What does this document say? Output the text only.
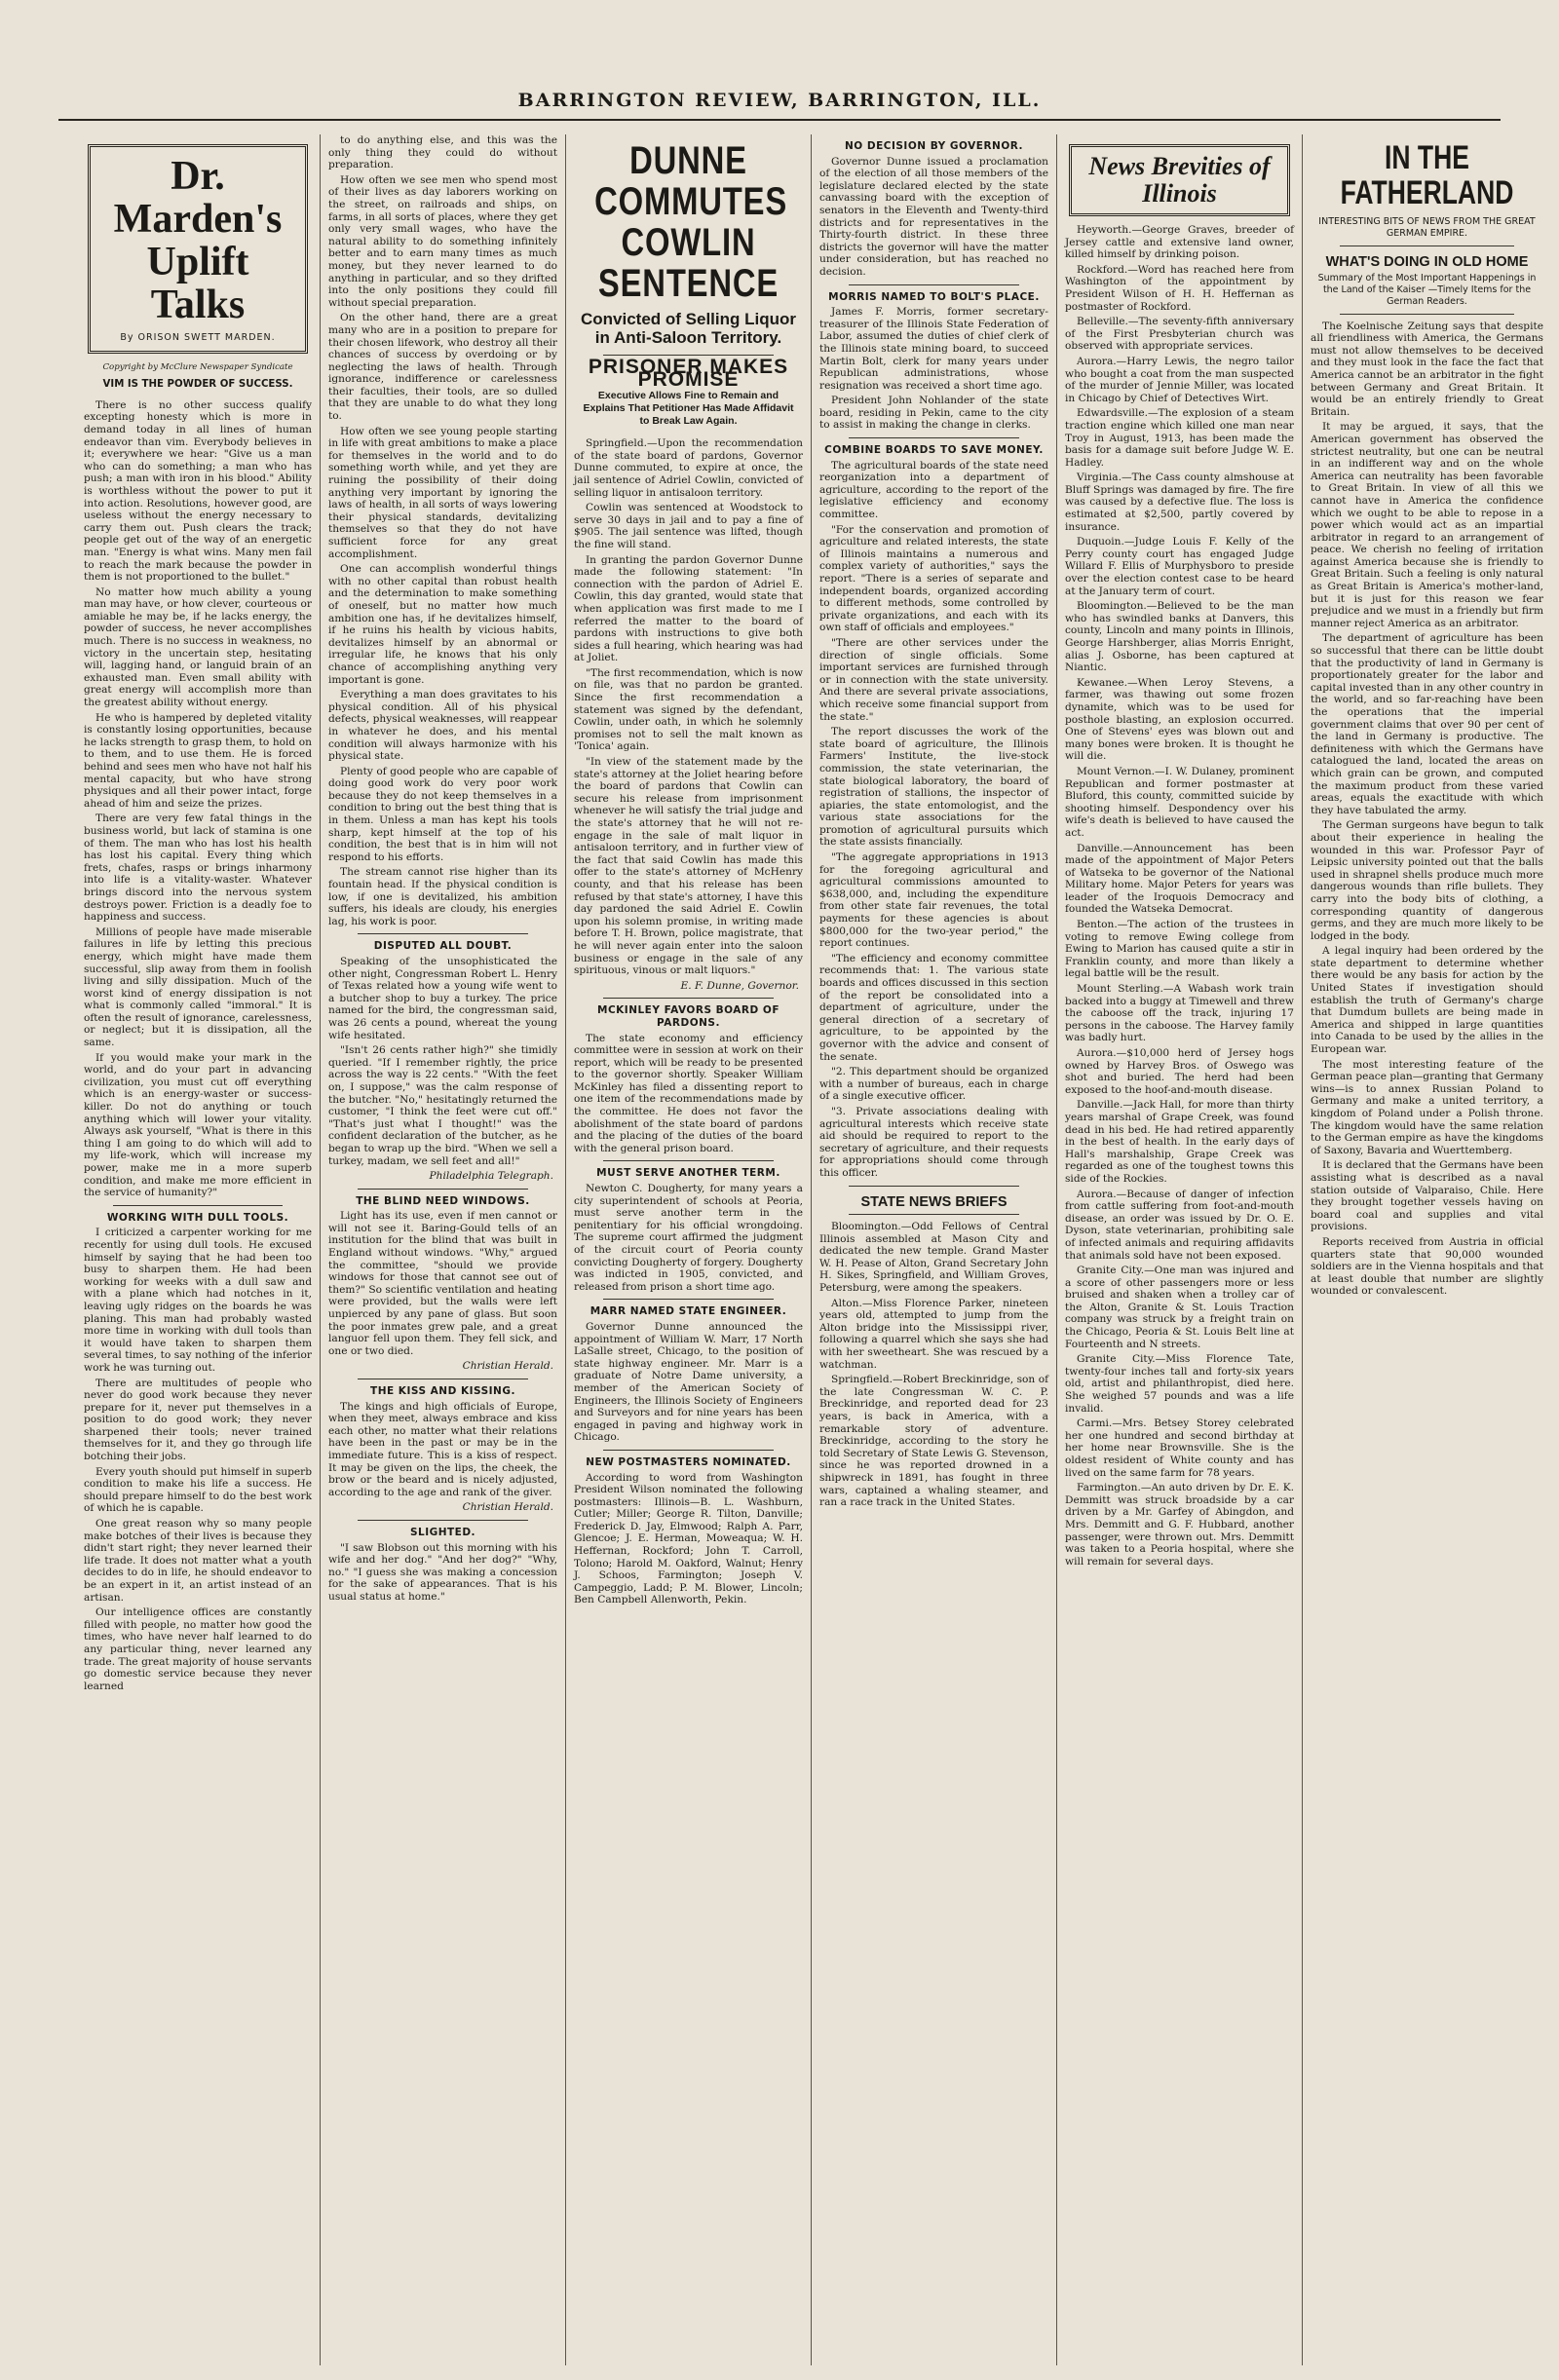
BARRINGTON REVIEW, BARRINGTON, ILL.
Dr. Marden's Uplift Talks
By ORISON SWETT MARDEN.
Copyright by McClure Newspaper Syndicate
VIM IS THE POWDER OF SUCCESS.

There is no other success qualify excepting honesty which is more in demand today in all lines of human endeavor than vim. Everybody believes in it; everywhere we hear: "Give us a man who can do something; a man who has push; a man with iron in his blood." Ability is worthless without the power to put it into action. Resolutions, however good, are useless without the energy necessary to carry them out. Push clears the track; people get out of the way of an energetic man. "Energy is what wins. Many men fail to reach the mark because the powder in them is not proportioned to the bullet."

No matter how much ability a young man may have, or how clever, courteous or amiable he may be, if he lacks energy, the powder of success, he never accomplishes much. There is no success in weakness, no victory in the uncertain step, hesitating will, lagging hand, or languid brain of an exhausted man. Even small ability with great energy will accomplish more than the greatest ability without energy.

He who is hampered by depleted vitality is constantly losing opportunities, because he lacks strength to grasp them, to hold on to them, and to use them. He is forced behind and sees men who have not half his mental capacity, but who have strong physiques and all their power intact, forge ahead of him and seize the prizes.

There are very few fatal things in the business world, but lack of stamina is one of them. The man who has lost his health has lost his capital. Every thing which frets, chafes, rasps or brings inharmony into life is a vitality-waster. Whatever brings discord into the nervous system destroys power. Friction is a deadly foe to happiness and success.

Millions of people have made miserable failures in life by letting this precious energy, which might have made them successful, slip away from them in foolish living and silly dissipation. Much of the worst kind of energy dissipation is not what is commonly called "immoral." It is often the result of ignorance, carelessness, or neglect; but it is dissipation, all the same.

If you would make your mark in the world, and do your part in advancing civilization, you must cut off everything which is an energy-waster or success-killer. Do not do anything or touch anything which will lower your vitality. Always ask yourself, "What is there in this thing I am going to do which will add to my life-work, which will increase my power, make me in a more superb condition, and make me more efficient in the service of humanity?"

WORKING WITH DULL TOOLS.

I criticized a carpenter working for me recently for using dull tools. He excused himself by saying that he had been too busy to sharpen them. He had been working for weeks with a dull saw and with a plane which had notches in it, leaving ugly ridges on the boards he was planing. This man had probably wasted more time in working with dull tools than it would have taken to sharpen them several times, to say nothing of the inferior work he was turning out.

There are multitudes of people who never do good work because they never prepare for it, never put themselves in a position to do good work; they never sharpened their tools; never trained themselves for it, and they go through life botching their jobs.

Every youth should put himself in superb condition to make his life a success. He should prepare himself to do the best work of which he is capable.

One great reason why so many people make botches of their lives is because they didn't start right; they never learned their life trade. It does not matter what a youth decides to do in life, he should endeavor to be an expert in it, an artist instead of an artisan.

Our intelligence offices are constantly filled with people, no matter how good the times, who have never half learned to do any particular thing, never learned any trade. The great majority of house servants go domestic service because they never learned

to do anything else, and this was the only thing they could do without preparation.

How often we see men who spend most of their lives as day laborers working on the street, on railroads and ships, on farms, in all sorts of places, where they get only very small wages, who have the natural ability to do something infinitely better and to earn many times as much money, but they never learned to do anything in particular, and so they drifted into the only positions they could fill without special preparation.

On the other hand, there are a great many who are in a position to prepare for their chosen lifework, who destroy all their chances of success by overdoing or by neglecting the laws of health. Through ignorance, indifference or carelessness their faculties, their tools, are so dulled that they are unable to do what they long to.

How often we see young people starting in life with great ambitions to make a place for themselves in the world and to do something worth while, and yet they are ruining the possibility of their doing anything very important by ignoring the laws of health, in all sorts of ways lowering their physical standards, devitalizing themselves so that they do not have sufficient force for any great accomplishment.

One can accomplish wonderful things with no other capital than robust health and the determination to make something of oneself, but no matter how much ambition one has, if he devitalizes himself, if he ruins his health by vicious habits, devitalizes himself by an abnormal or irregular life, he knows that his only chance of accomplishing anything very important is gone.

Everything a man does gravitates to his physical condition. All of his physical defects, physical weaknesses, will reappear in whatever he does, and his mental condition will always harmonize with his physical state.

Plenty of good people who are capable of doing good work do very poor work because they do not keep themselves in a condition to bring out the best thing that is in them. Unless a man has kept his tools sharp, kept himself at the top of his condition, the best that is in him will not respond to his efforts.

The stream cannot rise higher than its fountain head. If the physical condition is low, if one is devitalized, his ambition suffers, his ideals are cloudy, his energies lag, his work is poor.

DISPUTED ALL DOUBT.

Speaking of the unsophisticated the other night, Congressman Robert L. Henry of Texas related how a young wife went to a butcher shop to buy a turkey. The price named for the bird, the congressman said, was 26 cents a pound, whereat the young wife hesitated.

"Isn't 26 cents rather high?" she timidly queried. "If I remember rightly, the price across the way is 22 cents." "With the feet on, I suppose," was the calm response of the butcher. "No," hesitatingly returned the customer, "I think the feet were cut off." "That's just what I thought!" was the confident declaration of the butcher, as he began to wrap up the bird. "When we sell a turkey, madam, we sell feet and all!"

Philadelphia Telegraph.
THE BLIND NEED WINDOWS.

Light has its use, even if men cannot or will not see it. Baring-Gould tells of an institution for the blind that was built in England without windows. "Why," argued the committee, "should we provide windows for those that cannot see out of them?" So scientific ventilation and heating were provided, but the walls were left unpierced by any pane of glass. But soon the poor inmates grew pale, and a great languor fell upon them. They fell sick, and one or two died.

Christian Herald.
THE KISS AND KISSING.

The kings and high officials of Europe, when they meet, always embrace and kiss each other, no matter what their relations have been in the past or may be in the immediate future. This is a kiss of respect. It may be given on the lips, the cheek, the brow or the beard and is nicely adjusted, according to the age and rank of the giver.

Christian Herald.
SLIGHTED.

"I saw Blobson out this morning with his wife and her dog." "And her dog?" "Why, no." "I guess she was making a concession for the sake of appearances. That is his usual status at home."

DUNNE COMMUTES COWLIN SENTENCE
Convicted of Selling Liquor in Anti-Saloon Territory.
PRISONER MAKES PROMISE
Executive Allows Fine to Remain and Explains That Petitioner Has Made Affidavit to Break Law Again.

Springfield.—Upon the recommendation of the state board of pardons, Governor Dunne commuted, to expire at once, the jail sentence of Adriel Cowlin, convicted of selling liquor in antisaloon territory.

Cowlin was sentenced at Woodstock to serve 30 days in jail and to pay a fine of $905. The jail sentence was lifted, though the fine will stand.

In granting the pardon Governor Dunne made the following statement: "In connection with the pardon of Adriel E. Cowlin, this day granted, would state that when application was first made to me I referred the matter to the board of pardons with instructions to give both sides a full hearing, which hearing was had at Joliet.

"The first recommendation, which is now on file, was that no pardon be granted. Since the first recommendation a statement was signed by the defendant, Cowlin, under oath, in which he solemnly promises not to sell the malt known as 'Tonica' again.

"In view of the statement made by the state's attorney at the Joliet hearing before the board of pardons that Cowlin can secure his release from imprisonment whenever he will satisfy the trial judge and the state's attorney that he will not re-engage in the sale of malt liquor in antisaloon territory, and in further view of the fact that said Cowlin has made this offer to the state's attorney of McHenry county, and that his release has been refused by that state's attorney, I have this day pardoned the said Adriel E. Cowlin upon his solemn promise, in writing made before T. H. Brown, police magistrate, that he will never again enter into the saloon business or engage in the sale of any spirituous, vinous or malt liquors."

E. F. Dunne, Governor.
MCKINLEY FAVORS BOARD OF PARDONS.

The state economy and efficiency committee were in session at work on their report, which will be ready to be presented to the governor shortly. Speaker William McKinley has filed a dissenting report to one item of the recommendations made by the committee. He does not favor the abolishment of the state board of pardons and the placing of the duties of the board with the general prison board.

MUST SERVE ANOTHER TERM.

Newton C. Dougherty, for many years a city superintendent of schools at Peoria, must serve another term in the penitentiary for his official wrongdoing. The supreme court affirmed the judgment of the circuit court of Peoria county convicting Dougherty of forgery. Dougherty was indicted in 1905, convicted, and released from prison a short time ago.

MARR NAMED STATE ENGINEER.

Governor Dunne announced the appointment of William W. Marr, 17 North LaSalle street, Chicago, to the position of state highway engineer. Mr. Marr is a graduate of Notre Dame university, a member of the American Society of Engineers, the Illinois Society of Engineers and Surveyors and for nine years has been engaged in paving and highway work in Chicago.

NEW POSTMASTERS NOMINATED.

According to word from Washington President Wilson nominated the following postmasters: Illinois—B. L. Washburn, Cutler; Miller; George R. Tilton, Danville; Frederick D. Jay, Elmwood; Ralph A. Parr, Glencoe; J. E. Herman, Moweaqua; W. H. Heffernan, Rockford; John T. Carroll, Tolono; Harold M. Oakford, Walnut; Henry J. Schoos, Farmington; Joseph V. Campeggio, Ladd; P. M. Blower, Lincoln; Ben Campbell Allenworth, Pekin.

NO DECISION BY GOVERNOR.

Governor Dunne issued a proclamation of the election of all those members of the legislature declared elected by the state canvassing board with the exception of senators in the Eleventh and Twenty-third districts and for representatives in the Thirty-fourth district. In these three districts the governor will have the matter under consideration, but has reached no decision.

MORRIS NAMED TO BOLT'S PLACE.

James F. Morris, former secretary-treasurer of the Illinois State Federation of Labor, assumed the duties of chief clerk of the Illinois state mining board, to succeed Martin Bolt, clerk for many years under Republican administrations, whose resignation was received a short time ago.

President John Nohlander of the state board, residing in Pekin, came to the city to assist in making the change in clerks.

COMBINE BOARDS TO SAVE MONEY.

The agricultural boards of the state need reorganization into a department of agriculture, according to the report of the legislative efficiency and economy committee.

"For the conservation and promotion of agriculture and related interests, the state of Illinois maintains a numerous and complex variety of authorities," says the report. "There is a series of separate and independent boards, organized according to different methods, some controlled by private organizations, and each with its own staff of officials and employees."

"There are other services under the direction of single officials. Some important services are furnished through or in connection with the state university. And there are several private associations, which receive some financial support from the state."

The report discusses the work of the state board of agriculture, the Illinois Farmers' Institute, the live-stock commission, the state veterinarian, the state biological laboratory, the board of registration of stallions, the inspector of apiaries, the state entomologist, and the various state associations for the promotion of agricultural pursuits which the state assists financially.

"The aggregate appropriations in 1913 for the foregoing agricultural and agricultural commissions amounted to $638,000, and, including the expenditure from other state fair revenues, the total payments for these agencies is about $800,000 for the two-year period," the report continues.

"The efficiency and economy committee recommends that: 1. The various state boards and offices discussed in this section of the report be consolidated into a department of agriculture, under the general direction of a secretary of agriculture, to be appointed by the governor with the advice and consent of the senate.

"2. This department should be organized with a number of bureaus, each in charge of a single executive officer.

"3. Private associations dealing with agricultural interests which receive state aid should be required to report to the secretary of agriculture, and their requests for appropriations should come through this officer.

STATE NEWS BRIEFS

Bloomington.—Odd Fellows of Central Illinois assembled at Mason City and dedicated the new temple. Grand Master W. H. Pease of Alton, Grand Secretary John H. Sikes, Springfield, and William Groves, Petersburg, were among the speakers.

Alton.—Miss Florence Parker, nineteen years old, attempted to jump from the Alton bridge into the Mississippi river, following a quarrel which she says she had with her sweetheart. She was rescued by a watchman.

Springfield.—Robert Breckinridge, son of the late Congressman W. C. P. Breckinridge, and reported dead for 23 years, is back in America, with a remarkable story of adventure. Breckinridge, according to the story he told Secretary of State Lewis G. Stevenson, since he was reported drowned in a shipwreck in 1891, has fought in three wars, captained a whaling steamer, and ran a race track in the United States.

News Brevities of Illinois

Heyworth.—George Graves, breeder of Jersey cattle and extensive land owner, killed himself by drinking poison.

Rockford.—Word has reached here from Washington of the appointment by President Wilson of H. H. Heffernan as postmaster of Rockford.

Belleville.—The seventy-fifth anniversary of the First Presbyterian church was observed with appropriate services.

Aurora.—Harry Lewis, the negro tailor who bought a coat from the man suspected of the murder of Jennie Miller, was located in Chicago by Chief of Detectives Wirt.

Edwardsville.—The explosion of a steam traction engine which killed one man near Troy in August, 1913, has been made the basis for a damage suit before Judge W. E. Hadley.

Virginia.—The Cass county almshouse at Bluff Springs was damaged by fire. The fire was caused by a defective flue. The loss is estimated at $2,500, partly covered by insurance.

Duquoin.—Judge Louis F. Kelly of the Perry county court has engaged Judge Willard F. Ellis of Murphysboro to preside over the election contest case to be heard at the January term of court.

Bloomington.—Believed to be the man who has swindled banks at Danvers, this county, Lincoln and many points in Illinois, George Harshberger, alias Morris Enright, alias J. Osborne, has been captured at Niantic.

Kewanee.—When Leroy Stevens, a farmer, was thawing out some frozen dynamite, which was to be used for posthole blasting, an explosion occurred. One of Stevens' eyes was blown out and many bones were broken. It is thought he will die.

Mount Vernon.—I. W. Dulaney, prominent Republican and former postmaster at Bluford, this county, committed suicide by shooting himself. Despondency over his wife's death is believed to have caused the act.

Danville.—Announcement has been made of the appointment of Major Peters of Watseka to be governor of the National Military home. Major Peters for years was leader of the Iroquois Democracy and founded the Watseka Democrat.

Benton.—The action of the trustees in voting to remove Ewing college from Ewing to Marion has caused quite a stir in Franklin county, and more than likely a legal battle will be the result.

Mount Sterling.—A Wabash work train backed into a buggy at Timewell and threw the caboose off the track, injuring 17 persons in the caboose. The Harvey family was badly hurt.

Aurora.—$10,000 herd of Jersey hogs owned by Harvey Bros. of Oswego was shot and buried. The herd had been exposed to the hoof-and-mouth disease.

Danville.—Jack Hall, for more than thirty years marshal of Grape Creek, was found dead in his bed. He had retired apparently in the best of health. In the early days of Hall's marshalship, Grape Creek was regarded as one of the toughest towns this side of the Rockies.

Aurora.—Because of danger of infection from cattle suffering from foot-and-mouth disease, an order was issued by Dr. O. E. Dyson, state veterinarian, prohibiting sale of infected animals and requiring affidavits that animals sold have not been exposed.

Granite City.—One man was injured and a score of other passengers more or less bruised and shaken when a trolley car of the Alton, Granite & St. Louis Traction company was struck by a freight train on the Chicago, Peoria & St. Louis Belt line at Fourteenth and N streets.

Granite City.—Miss Florence Tate, twenty-four inches tall and forty-six years old, artist and philanthropist, died here. She weighed 57 pounds and was a life invalid.

Carmi.—Mrs. Betsey Storey celebrated her one hundred and second birthday at her home near Brownsville. She is the oldest resident of White county and has lived on the same farm for 78 years.

Farmington.—An auto driven by Dr. E. K. Demmitt was struck broadside by a car driven by a Mr. Garfey of Abingdon, and Mrs. Demmitt and G. F. Hubbard, another passenger, were thrown out. Mrs. Demmitt was taken to a Peoria hospital, where she will remain for several days.

IN THE FATHERLAND
INTERESTING BITS OF NEWS FROM THE GREAT GERMAN EMPIRE.
WHAT'S DOING IN OLD HOME
Summary of the Most Important Happenings in the Land of the Kaiser —Timely Items for the German Readers.

The Koelnische Zeitung says that despite all friendliness with America, the Germans must not allow themselves to be deceived and they must look in the face the fact that America cannot be an arbitrator in the fight between Germany and Great Britain. It would be an entirely friendly to Great Britain.

It may be argued, it says, that the American government has observed the strictest neutrality, but one can be neutral in an indifferent way and on the whole America can neutrality has been favorable to Great Britain. In view of all this we cannot have in America the confidence which we ought to be able to repose in a power which would act as an impartial arbitrator in regard to an arrangement of peace. We cherish no feeling of irritation against America because she is friendly to Great Britain. Such a feeling is only natural as Great Britain is America's mother-land, but it is just for this reason we fear prejudice and we must in a friendly but firm manner reject America as an arbitrator.

The department of agriculture has been so successful that there can be little doubt that the productivity of land in Germany is proportionately greater for the labor and capital invested than in any other country in the world, and so far-reaching have been the operations that the imperial government claims that over 90 per cent of the land in Germany is productive. The definiteness with which the Germans have catalogued the land, located the areas on which grain can be grown, and computed the maximum product from these varied areas, equals the exactitude with which they have tabulated the army.

The German surgeons have begun to talk about their experience in healing the wounded in this war. Professor Payr of Leipsic university pointed out that the balls used in shrapnel shells produce much more dangerous wounds than rifle bullets. They carry into the body bits of clothing, a corresponding quantity of dangerous germs, and they are much more likely to be lodged in the body.

A legal inquiry had been ordered by the state department to determine whether there would be any basis for action by the United States if investigation should establish the truth of Germany's charge that Dumdum bullets are being made in America and shipped in large quantities into Canada to be used by the allies in the European war.

The most interesting feature of the German peace plan—granting that Germany wins—is to annex Russian Poland to Germany and make a united territory, a kingdom of Poland under a Polish throne. The kingdom would have the same relation to the German empire as have the kingdoms of Saxony, Bavaria and Wuerttemberg.

It is declared that the Germans have been assisting what is described as a naval station outside of Valparaiso, Chile. Here they brought together vessels having on board coal and supplies and vital provisions.

Reports received from Austria in official quarters state that 90,000 wounded soldiers are in the Vienna hospitals and that at least double that number are slightly wounded or convalescent.
